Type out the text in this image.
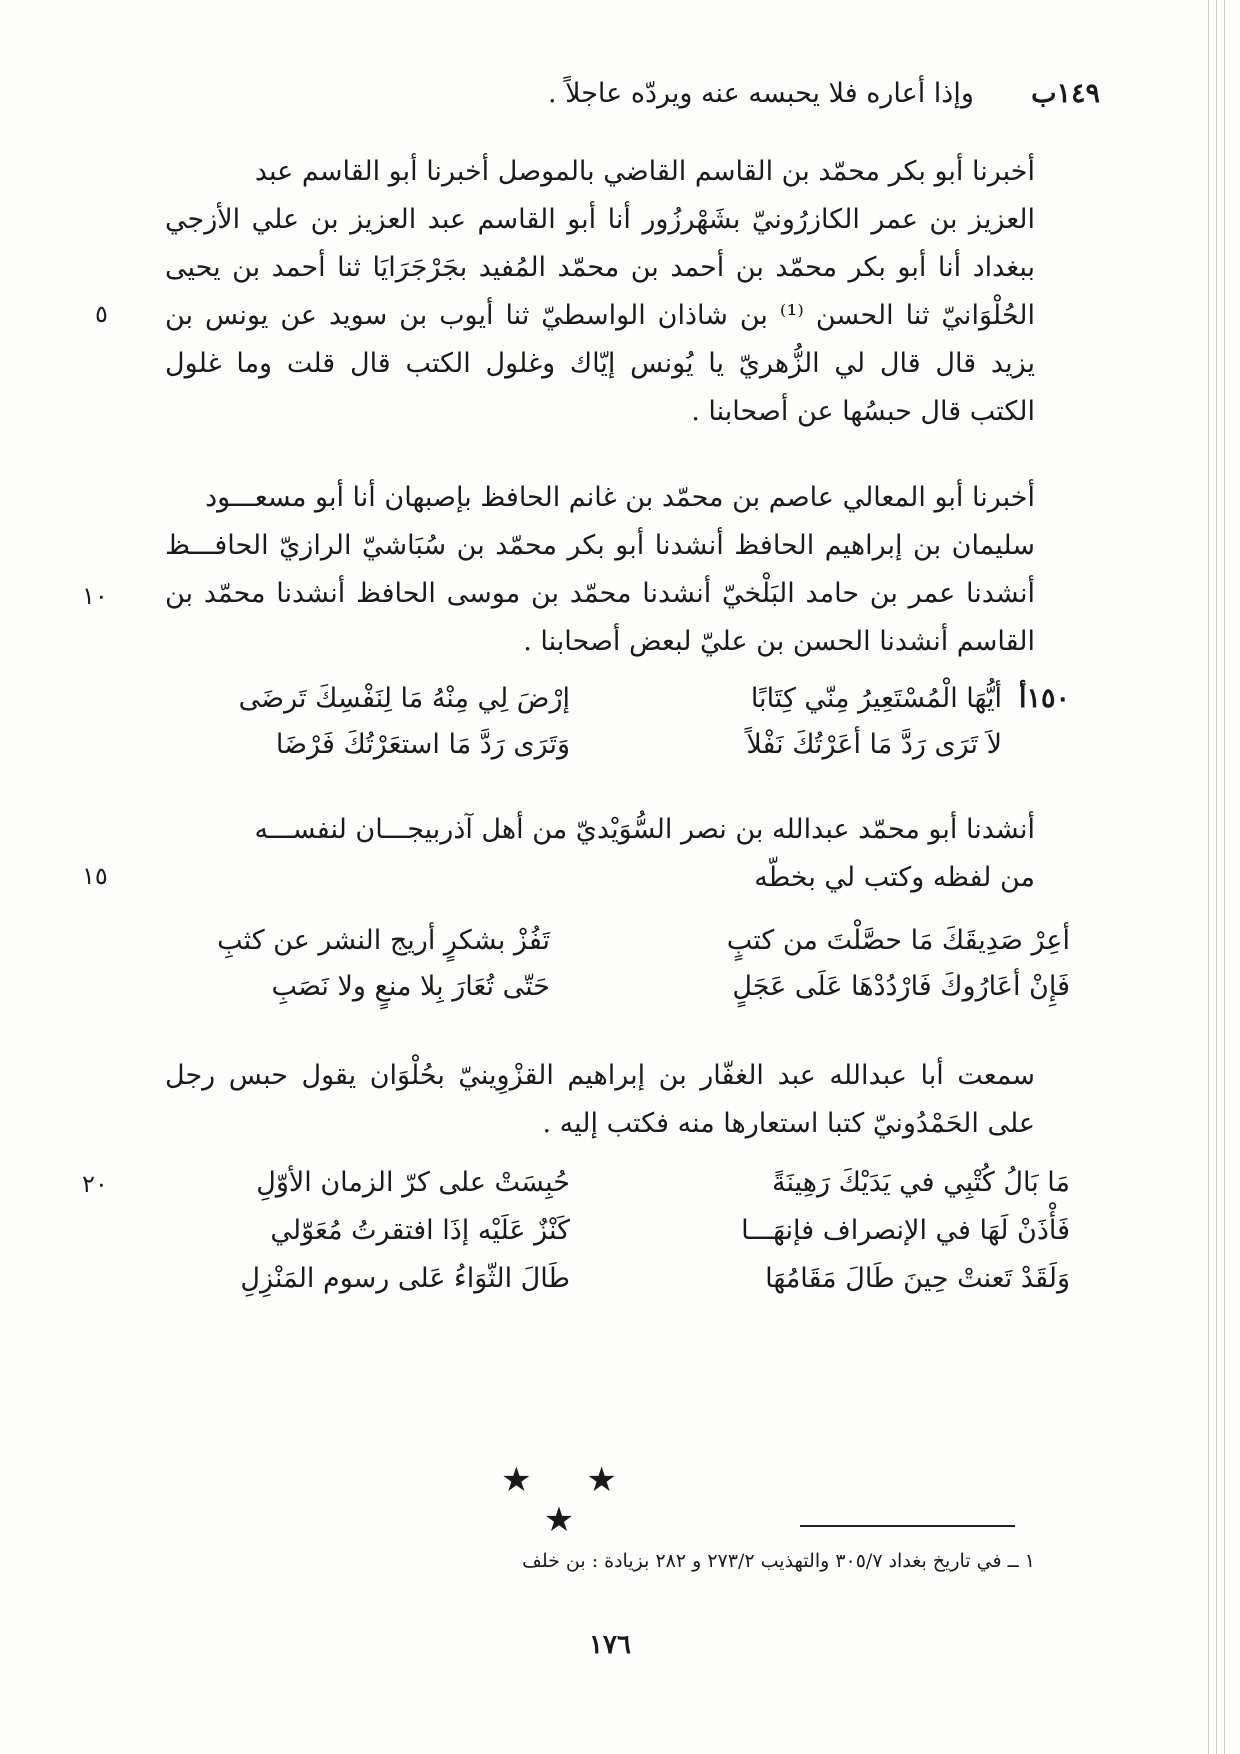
١٤٩ب  وإذا أعاره فلا يحبسه عنه ويردّه عاجلاً .
أخبرنا أبو بكر محمّد بن القاسم القاضي بالموصل أخبرنا أبو القاسم عبد
العزيز بن عمر الكازرُونيّ بشَهْرزُور أنا أبو القاسم عبد العزيز بن علي الأزجي
ببغداد أنا أبو بكر محمّد بن أحمد بن محمّد المُفيد بجَرْجَرَايَا ثنا أحمد بن يحيى
الحُلْوَانيّ ثنا الحسن ⁽¹⁾ بن شاذان الواسطيّ ثنا أيوب بن سويد عن يونس بن
يزيد قال قال لي الزُّهريّ يا يُونس إيّاك وغلول الكتب قال قلت وما غلول
الكتب قال حبسُها عن أصحابنا .
٥
أخبرنا أبو المعالي عاصم بن محمّد بن غانم الحافظ بإصبهان أنا أبو مسعـــود
سليمان بن إبراهيم الحافظ أنشدنا أبو بكر محمّد بن سُبَاشيّ الرازيّ الحافـــظ
أنشدنا عمر بن حامد البَلْخيّ أنشدنا محمّد بن موسى الحافظ أنشدنا محمّد بن
القاسم أنشدنا الحسن بن عليّ لبعض أصحابنا .
١٠
١٥٠أ
أيُّهَا الْمُسْتَعِيرُ مِنّي كِتَابًا
إرْضَ لِي مِنْهُ مَا لِنَفْسِكَ تَرضَى
لاَ تَرَى رَدَّ مَا أعَرْتُكَ نَفْلاً
وَتَرَى رَدَّ مَا استعَرْتُكَ فَرْضَا
أنشدنا أبو محمّد عبدالله بن نصر السُّوَيْديّ من أهل آذربيجـــان لنفســـه
من لفظه وكتب لي بخطّه
١٥
أعِرْ صَدِيقَكَ مَا حصَّلْتَ من كتبٍ
تَفُزْ بشكرٍ أريج النشر عن كثبِ
فَإِنْ أعَارُوكَ فَارْدُدْهَا عَلَى عَجَلٍ
حَتّى تُعَارَ بِلا منعٍ ولا نَصَبِ
سمعت أبا عبدالله عبد الغفّار بن إبراهيم القزْوِينيّ بحُلْوَان يقول حبس رجل
على الحَمْدُونيّ كتبا استعارها منه فكتب إليه .
٢٠	مَا بَالُ كُتْبِي في يَدَيْكَ رَهِينَةً
حُبِسَتْ على كرّ الزمان الأوّلِ
فَأْذَنْ لَهَا في الإنصراف فإنهَـــا
كَنْزٌ عَلَيْه إذَا افتقرتُ مُعَوّلي
وَلَقَدْ تَعنتْ حِينَ طَالَ مَقَامُهَا
طَالَ الثّوَاءُ عَلى رسوم المَنْزِلِ
★ ★ ★
١ ــ في تاريخ بغداد ٣٠٥/٧ والتهذيب ٢٧٣/٢ و ٢٨٢ بزيادة : بن خلف
١٧٦
